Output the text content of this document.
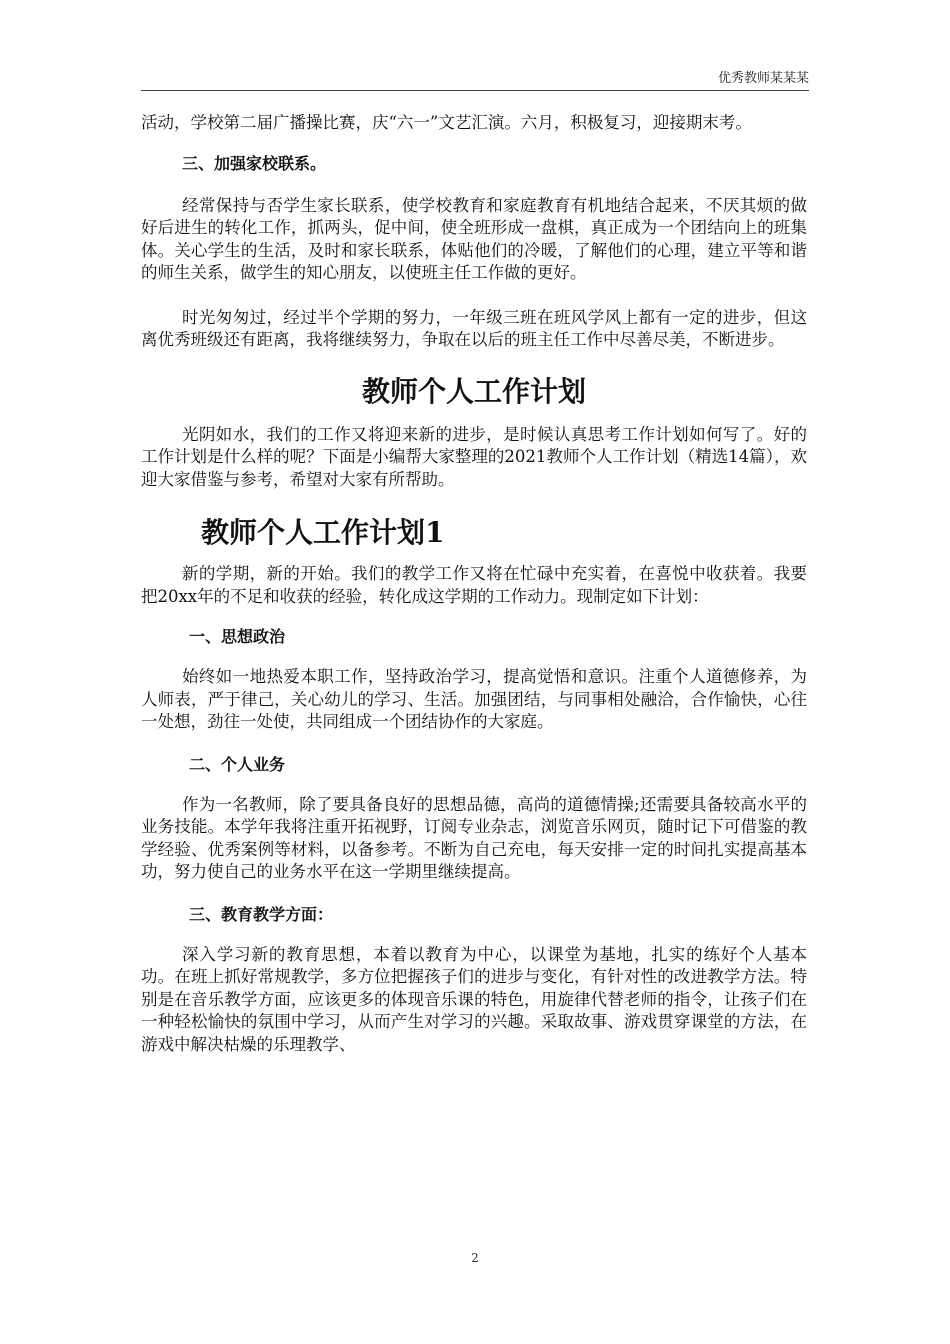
优秀教师某某某

活动，学校第二届广播操比赛，庆“六一”文艺汇演。六月，积极复习，迎接期末考。

三、加强家校联系。

经常保持与否学生家长联系，使学校教育和家庭教育有机地结合起来，不厌其烦的做好后进生的转化工作，抓两头，促中间，使全班形成一盘棋，真正成为一个团结向上的班集体。关心学生的生活，及时和家长联系，体贴他们的冷暖，了解他们的心理，建立平等和谐的师生关系，做学生的知心朋友，以使班主任工作做的更好。

时光匆匆过，经过半个学期的努力，一年级三班在班风学风上都有一定的进步，但这离优秀班级还有距离，我将继续努力，争取在以后的班主任工作中尽善尽美，不断进步。

教师个人工作计划

光阴如水，我们的工作又将迎来新的进步，是时候认真思考工作计划如何写了。好的工作计划是什么样的呢？下面是小编帮大家整理的2021教师个人工作计划（精选14篇），欢迎大家借鉴与参考，希望对大家有所帮助。

教师个人工作计划1

新的学期，新的开始。我们的教学工作又将在忙碌中充实着，在喜悦中收获着。我要把20xx年的不足和收获的经验，转化成这学期的工作动力。现制定如下计划：

一、思想政治

始终如一地热爱本职工作，坚持政治学习，提高觉悟和意识。注重个人道德修养，为人师表，严于律己，关心幼儿的学习、生活。加强团结，与同事相处融洽，合作愉快，心往一处想，劲往一处使，共同组成一个团结协作的大家庭。

二、个人业务

作为一名教师，除了要具备良好的思想品德，高尚的道德情操;还需要具备较高水平的业务技能。本学年我将注重开拓视野，订阅专业杂志，浏览音乐网页，随时记下可借鉴的教学经验、优秀案例等材料，以备参考。不断为自己充电，每天安排一定的时间扎实提高基本功，努力使自己的业务水平在这一学期里继续提高。

三、教育教学方面：

深入学习新的教育思想，本着以教育为中心，以课堂为基地，扎实的练好个人基本功。在班上抓好常规教学，多方位把握孩子们的进步与变化，有针对性的改进教学方法。特别是在音乐教学方面，应该更多的体现音乐课的特色，用旋律代替老师的指令，让孩子们在一种轻松愉快的氛围中学习，从而产生对学习的兴趣。采取故事、游戏贯穿课堂的方法，在游戏中解决枯燥的乐理教学、

2
